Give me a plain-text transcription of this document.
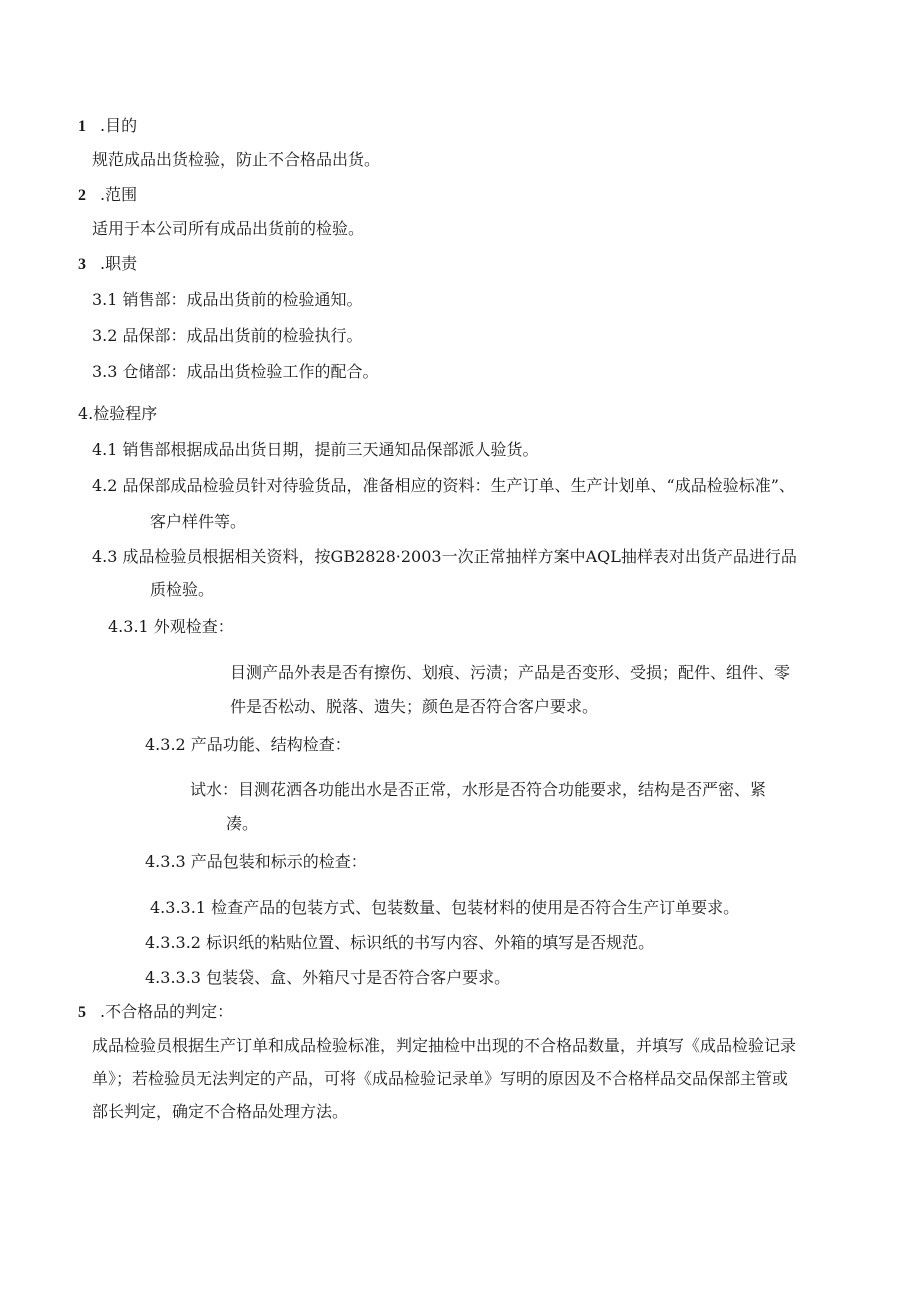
1 .目的
规范成品出货检验，防止不合格品出货。
2 .范围
适用于本公司所有成品出货前的检验。
3 .职责
3.1 销售部：成品出货前的检验通知。
3.2 品保部：成品出货前的检验执行。
3.3 仓储部：成品出货检验工作的配合。
4.检验程序
4.1 销售部根据成品出货日期，提前三天通知品保部派人验货。
4.2 品保部成品检验员针对待验货品，准备相应的资料：生产订单、生产计划单、“成品检验标准”、
客户样件等。
4.3 成品检验员根据相关资料，按GB2828·2003一次正常抽样方案中AQL抽样表对出货产品进行品
质检验。
4.3.1 外观检查：
目测产品外表是否有擦伤、划痕、污渍；产品是否变形、受损；配件、组件、零
件是否松动、脱落、遗失；颜色是否符合客户要求。
4.3.2 产品功能、结构检查：
试水：目测花洒各功能出水是否正常，水形是否符合功能要求，结构是否严密、紧
凑。
4.3.3 产品包装和标示的检查：
4.3.3.1 检查产品的包装方式、包装数量、包装材料的使用是否符合生产订单要求。
4.3.3.2 标识纸的粘贴位置、标识纸的书写内容、外箱的填写是否规范。
4.3.3.3 包装袋、盒、外箱尺寸是否符合客户要求。
5 .不合格品的判定：
成品检验员根据生产订单和成品检验标准，判定抽检中出现的不合格品数量，并填写《成品检验记录
单》；若检验员无法判定的产品，可将《成品检验记录单》写明的原因及不合格样品交品保部主管或
部长判定，确定不合格品处理方法。
